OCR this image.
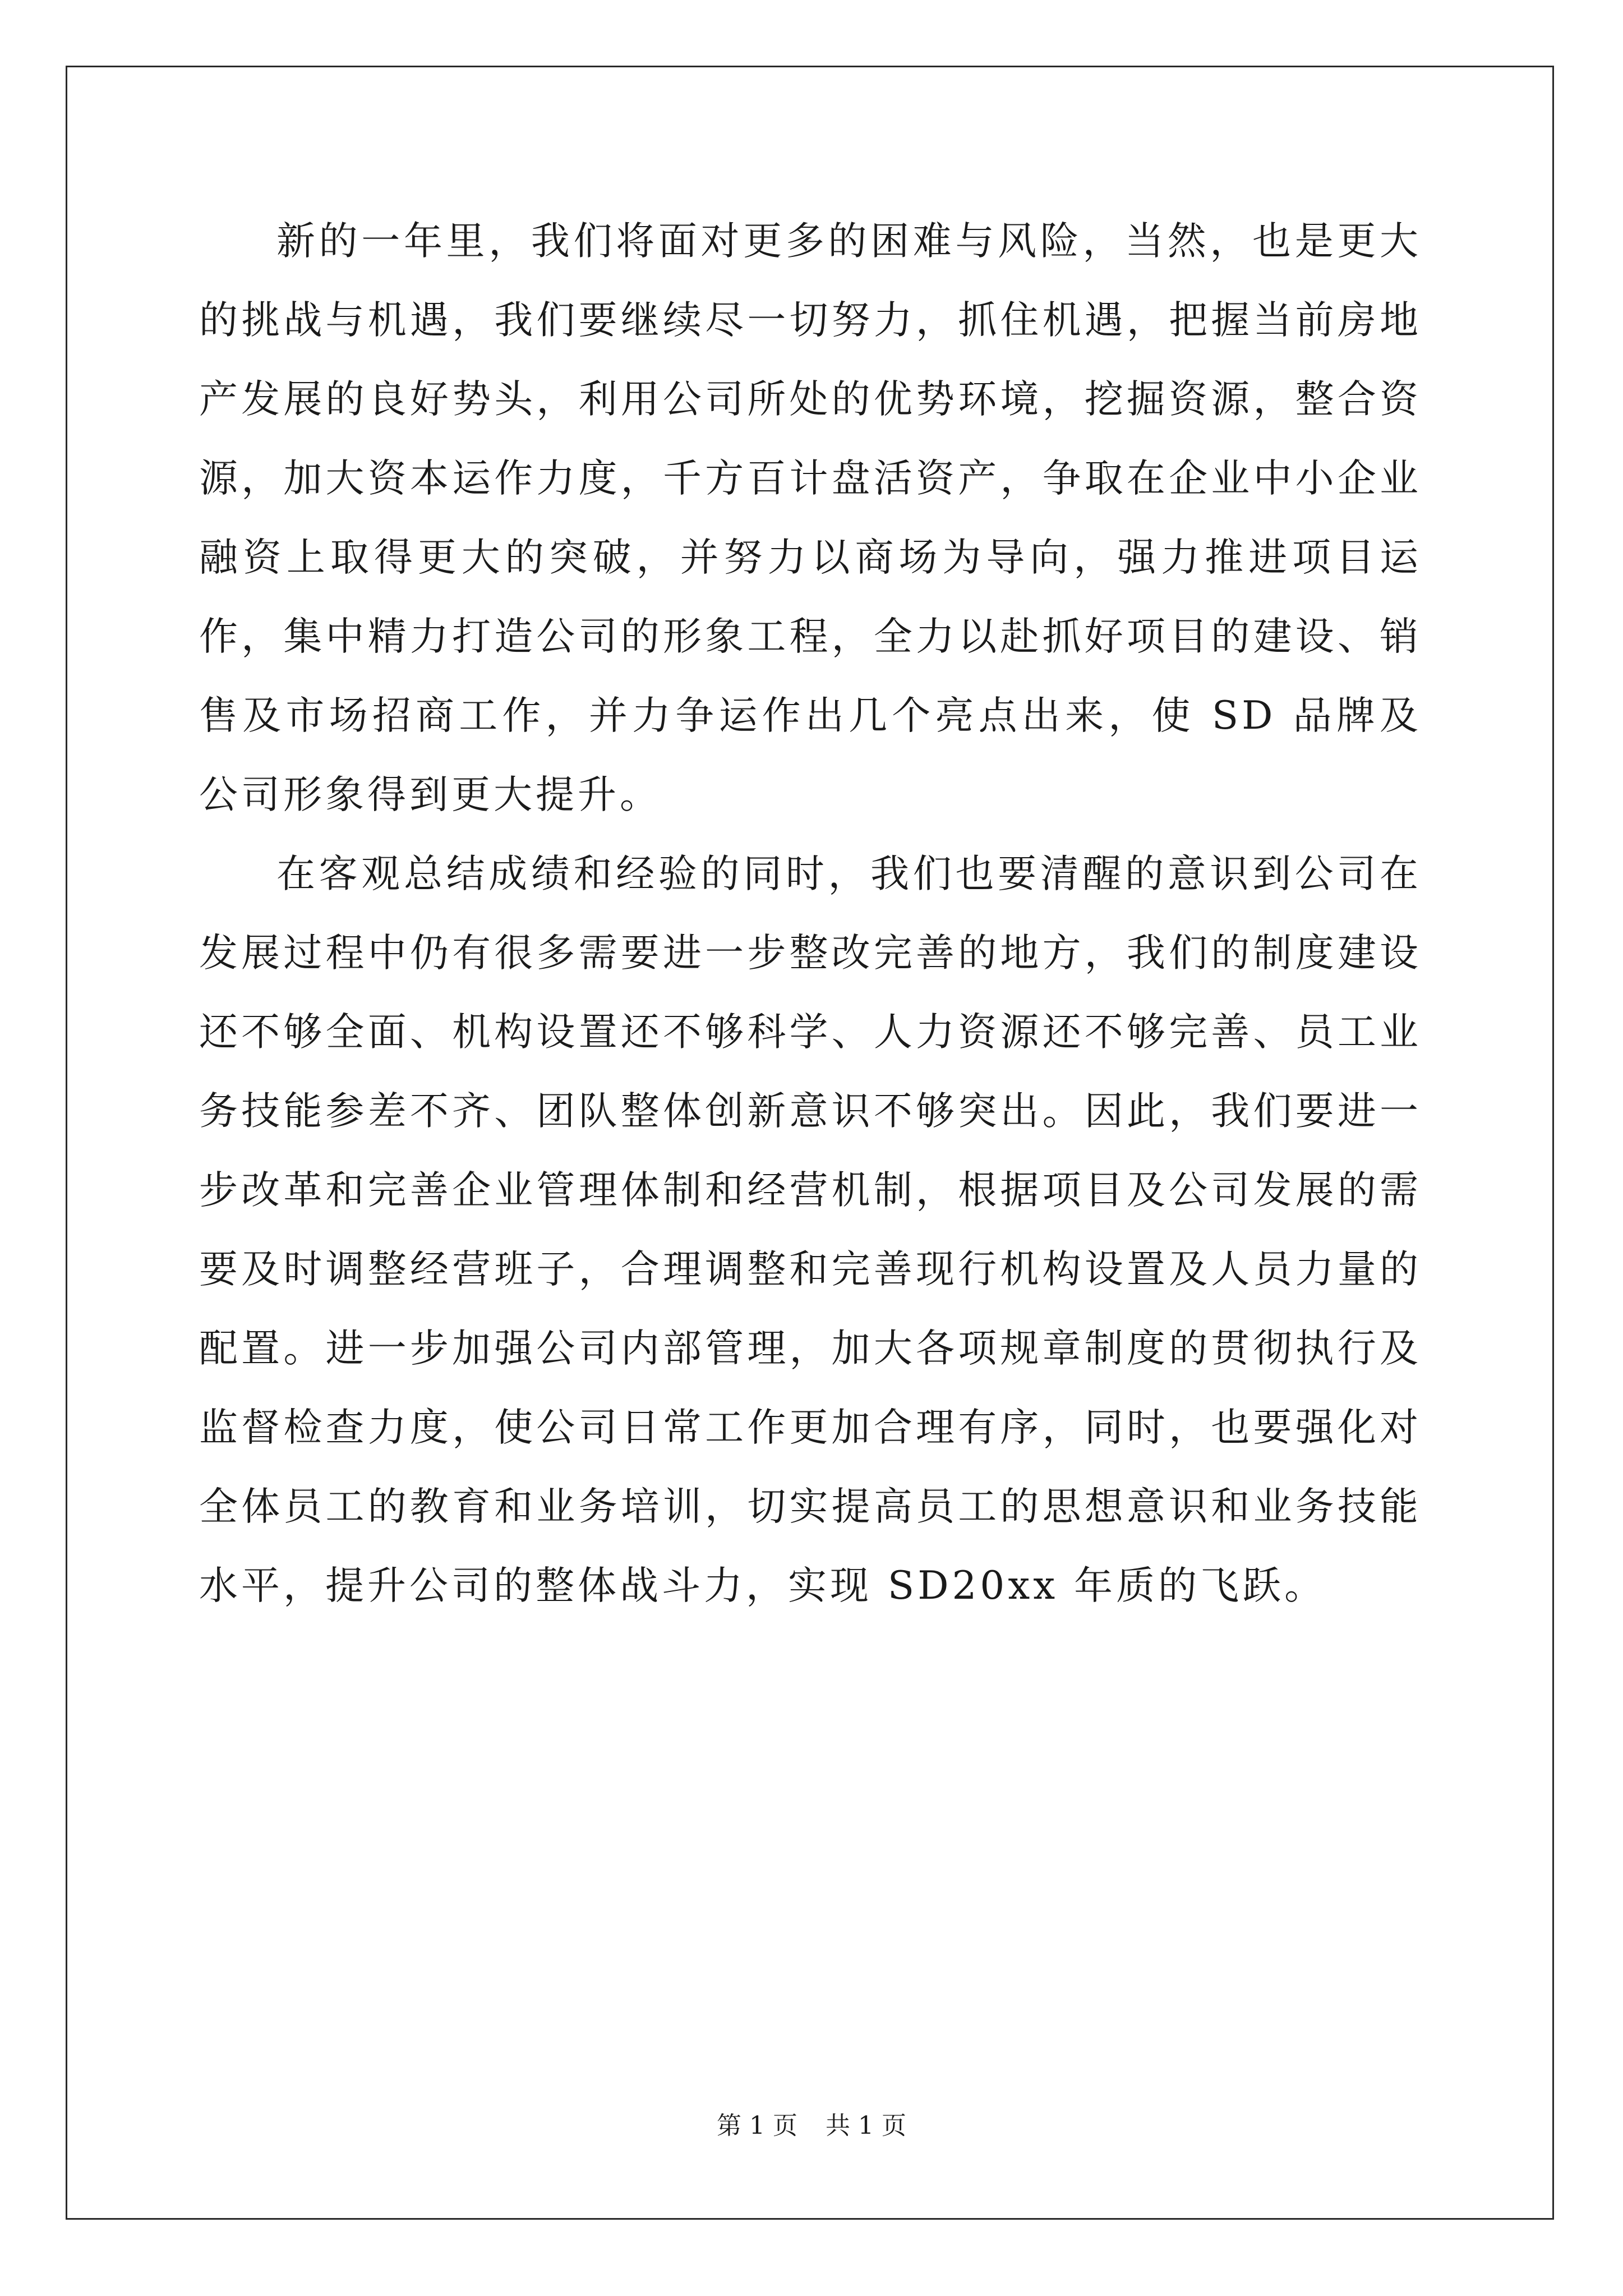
新的一年里，我们将面对更多的困难与风险，当然，也是更大的挑战与机遇，我们要继续尽一切努力，抓住机遇，把握当前房地产发展的良好势头，利用公司所处的优势环境，挖掘资源，整合资源，加大资本运作力度，千方百计盘活资产，争取在企业中小企业融资上取得更大的突破，并努力以商场为导向，强力推进项目运作，集中精力打造公司的形象工程，全力以赴抓好项目的建设、销售及市场招商工作，并力争运作出几个亮点出来，使 SD 品牌及公司形象得到更大提升。

在客观总结成绩和经验的同时，我们也要清醒的意识到公司在发展过程中仍有很多需要进一步整改完善的地方，我们的制度建设还不够全面、机构设置还不够科学、人力资源还不够完善、员工业务技能参差不齐、团队整体创新意识不够突出。因此，我们要进一步改革和完善企业管理体制和经营机制，根据项目及公司发展的需要及时调整经营班子，合理调整和完善现行机构设置及人员力量的配置。进一步加强公司内部管理，加大各项规章制度的贯彻执行及监督检查力度，使公司日常工作更加合理有序，同时，也要强化对全体员工的教育和业务培训，切实提高员工的思想意识和业务技能水平，提升公司的整体战斗力，实现 SD20xx 年质的飞跃。

第 1 页 共 1 页
